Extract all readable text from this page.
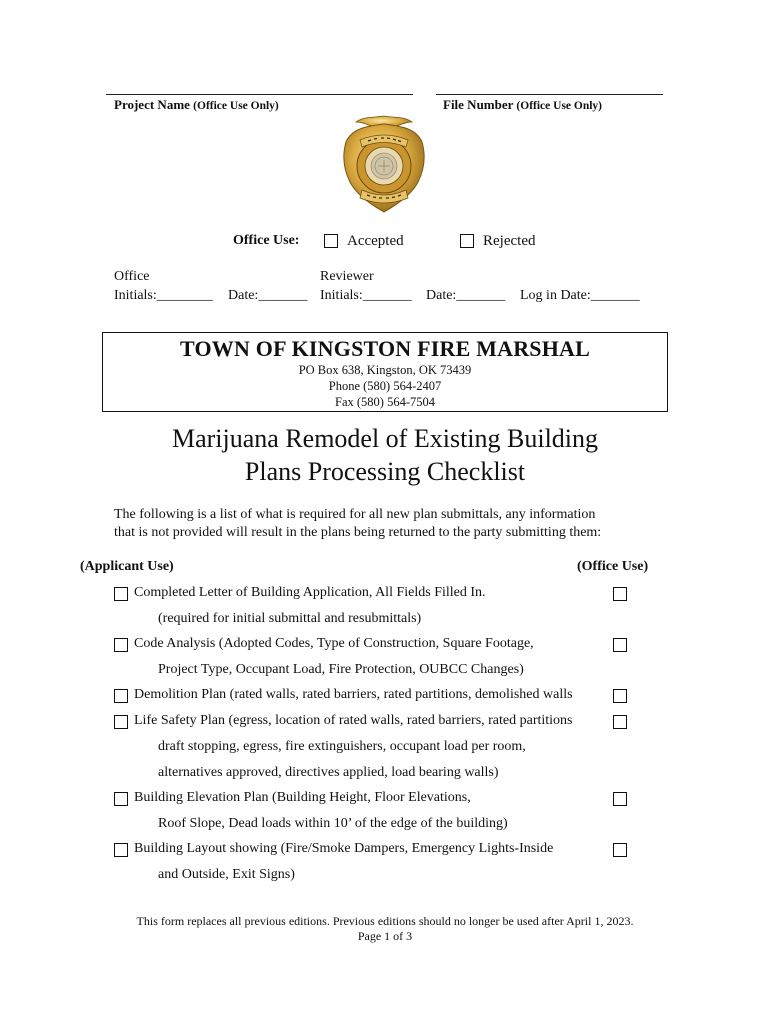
Project Name (Office Use Only)	File Number (Office Use Only)
Office Use:	Accepted	Rejected
Office
Initials:________ Date:_______
Reviewer
Initials:_______ Date:_______ Log in Date:_______
TOWN OF KINGSTON FIRE MARSHAL
PO Box 638, Kingston, OK 73439
Phone (580) 564-2407
Fax (580) 564-7504
Marijuana Remodel of Existing Building
Plans Processing Checklist
The following is a list of what is required for all new plan submittals, any information
that is not provided will result in the plans being returned to the party submitting them:
(Applicant Use)	(Office Use)
Completed Letter of Building Application, All Fields Filled In.
(required for initial submittal and resubmittals)
Code Analysis (Adopted Codes, Type of Construction, Square Footage,
Project Type, Occupant Load, Fire Protection, OUBCC Changes)
Demolition Plan (rated walls, rated barriers, rated partitions, demolished walls
Life Safety Plan (egress, location of rated walls, rated barriers, rated partitions
draft stopping, egress, fire extinguishers, occupant load per room,
alternatives approved, directives applied, load bearing walls)
Building Elevation Plan (Building Height, Floor Elevations,
Roof Slope, Dead loads within 10’ of the edge of the building)
Building Layout showing (Fire/Smoke Dampers, Emergency Lights-Inside
and Outside, Exit Signs)
This form replaces all previous editions. Previous editions should no longer be used after April 1, 2023.
Page 1 of 3
